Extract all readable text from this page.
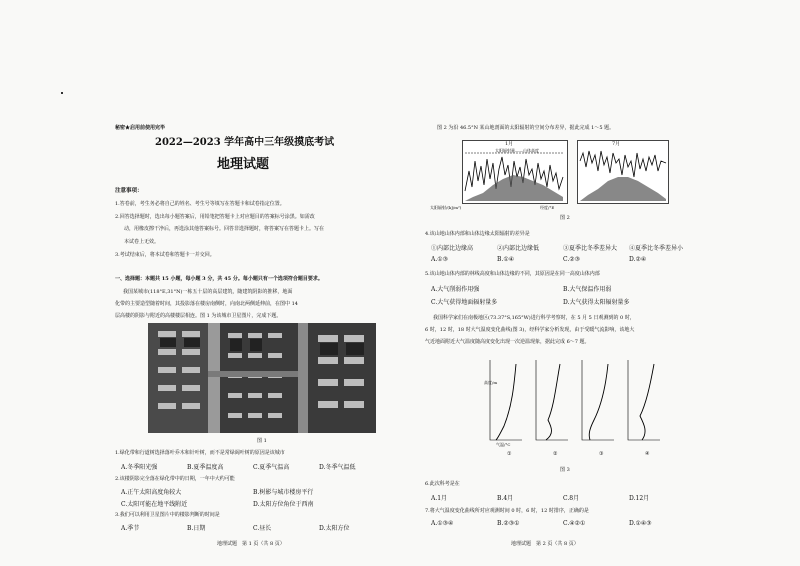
秘密★启用前使用完毕
2022—2023 学年高中三年级摸底考试
地理试题
注意事项：
1.答卷前，考生务必将自己的姓名、考生号等填写在答题卡和试卷指定位置。
2.回答选择题时，选出每小题答案后，用铅笔把答题卡上对应题目的答案标号涂黑。如需改
动，用橡皮擦干净后，再选涂其他答案标号。回答非选择题时，将答案写在答题卡上。写在
本试卷上无效。
3.考试结束后，将本试卷和答题卡一并交回。
一、选择题：本题共 15 小题，每小题 3 分，共 45 分。每小题只有一个选项符合题目要求。
我国某城市(118°E,31°N)一栋五十层的高层建筑，随建筑阴影的推移，地面
化带的主要造型随着时间，其投影落在楼房南侧时，向南北两侧延伸前，在图中 14
层高楼的阴影与附近的高楼楼层相连。图 1 为该城市卫星图片，完成下题。
图 1
1.绿化带和行道树选择落叶乔木和针叶树，而不是常绿阔叶树的原因是该城市
A.冬季阳光强	B.夏季温度高	C.夏季气温高	D.冬季气温低
2.该楼阴影完全落在绿化带中的日期，一年中大约可能
A.正午太阳高度角较大	B.树影与城市楼房平行
C.太阳可能在地平线附近	D.太阳方位角位于西南
3.我们可以利用卫星图片中的楼影判断的时间是
A.季节	B.日期	C.昼长	D.太阳方位
地理试题　第 1 页（共 8 页）
图 2 为沿 46.5°N 某山地剖面的太阳辐射的空间分布差异，据此完成 1～5 题。
1月
太阳辐射量——山体高度
7月
太阳辐射/(kJ/m²)	经度/°E
图 2
4.该山地山体内部和山体边缘太阳辐射的差异是
①内部比边缘高	②内部比边缘低	③夏季比冬季差异大 ④夏季比冬季差异小
A.①③	B.①④	C.②③	D.②④
5.该山地山体内部的林线高度和山体边缘的不同，其原因是在同一高度山体内部
A.大气削弱作用强	B.大气保温作用弱
C.大气获得地面辐射量多	D.大气获得太阳辐射量多
我国科学家们在南极地区(73.37°S,165°W)进行科学考察时，在 5 月 5 日观测到的 0 时，
6 时，12 时，18 时大气温度变化曲线(图 3)，经科学家分析发现，由于受暖气流影响，该地大
气近地面附近大气温度随高度变化出现一次逆温现象，据此完成 6～7 题。
高度/m
气温/°C
①	②	③	④
图 3
6.此次科考是在
A.1月	B.4月	C.8月	D.12月
7.将大气温度变化曲线所对应观测时间 0 时，6 时，12 时排序，正确的是
A.①③④	B.②③①	C.④②①	D.①④③
地理试题　第 2 页（共 8 页）
